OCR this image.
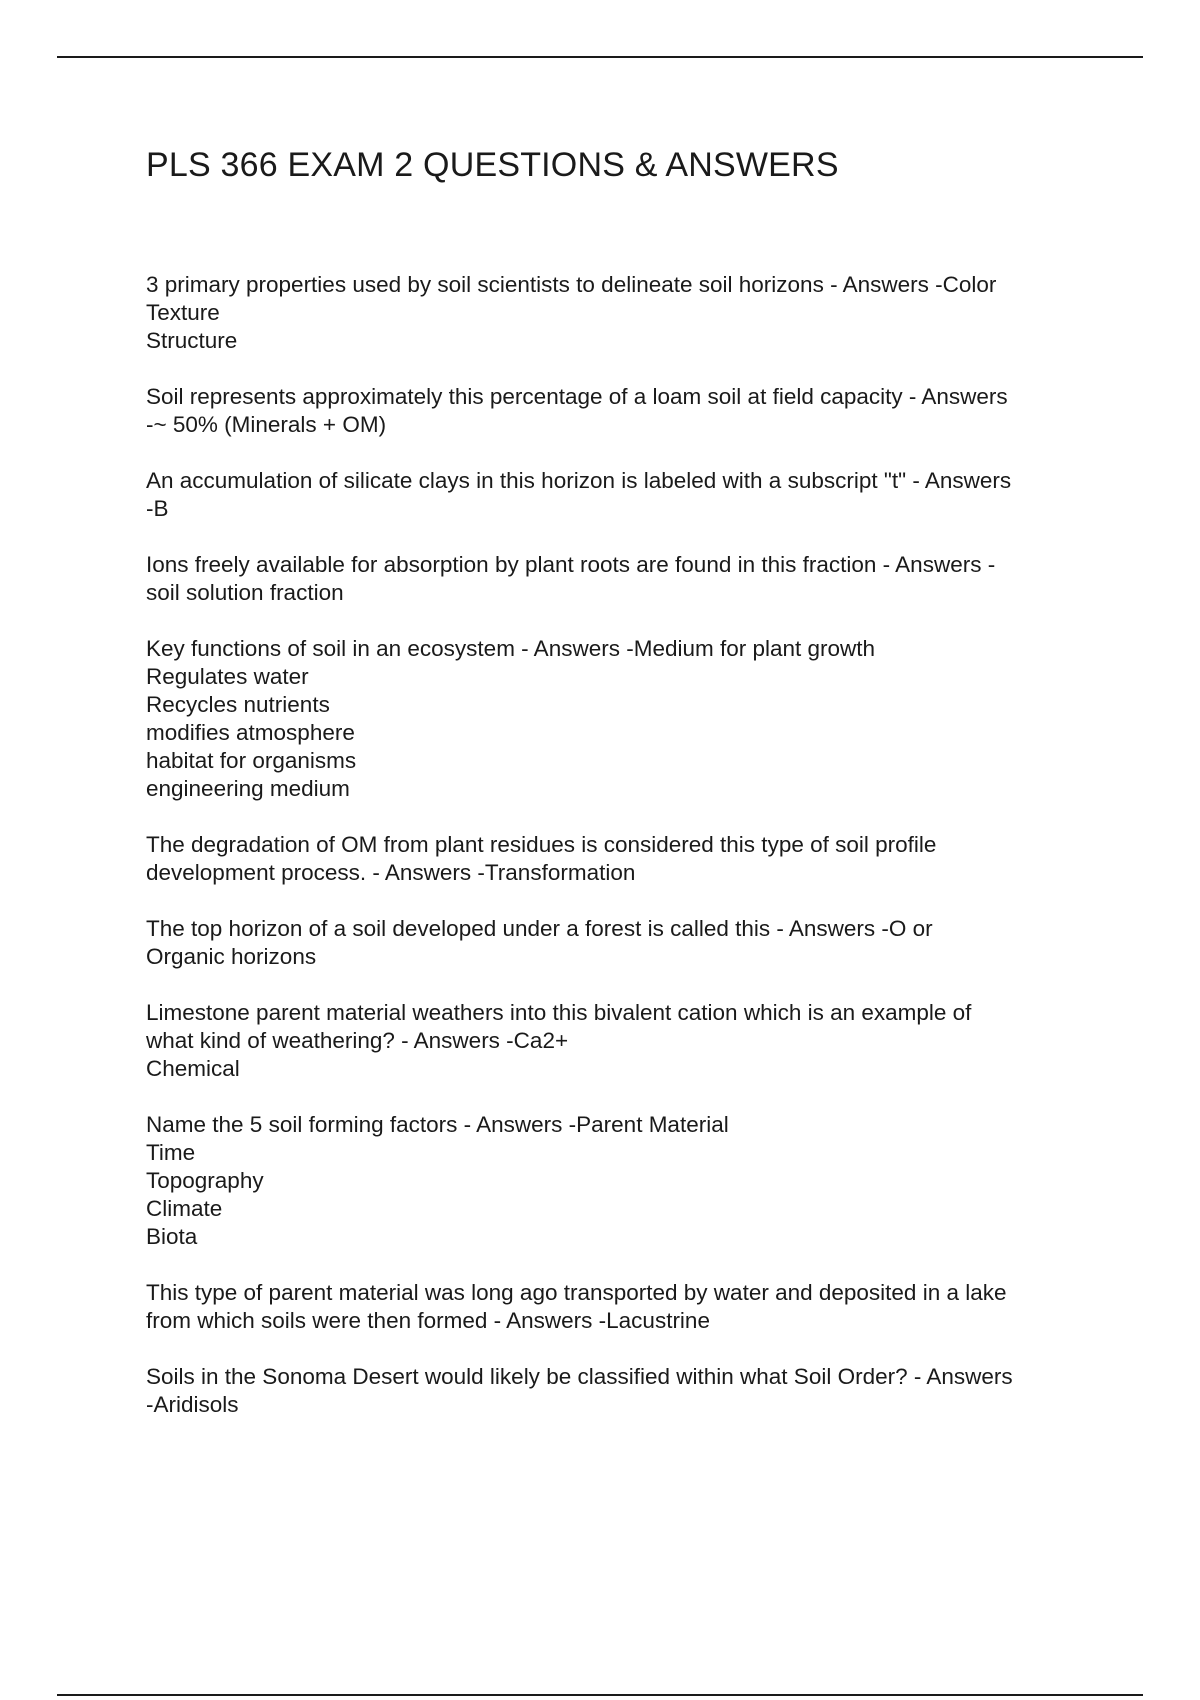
PLS 366 EXAM 2 QUESTIONS & ANSWERS

3 primary properties used by soil scientists to delineate soil horizons - Answers -Color
Texture
Structure

Soil represents approximately this percentage of a loam soil at field capacity - Answers
-~ 50% (Minerals + OM)

An accumulation of silicate clays in this horizon is labeled with a subscript "t" - Answers
-B

Ions freely available for absorption by plant roots are found in this fraction - Answers -
soil solution fraction

Key functions of soil in an ecosystem - Answers -Medium for plant growth
Regulates water
Recycles nutrients
modifies atmosphere
habitat for organisms
engineering medium

The degradation of OM from plant residues is considered this type of soil profile
development process. - Answers -Transformation

The top horizon of a soil developed under a forest is called this - Answers -O or
Organic horizons

Limestone parent material weathers into this bivalent cation which is an example of
what kind of weathering? - Answers -Ca2+
Chemical

Name the 5 soil forming factors - Answers -Parent Material
Time
Topography
Climate
Biota

This type of parent material was long ago transported by water and deposited in a lake
from which soils were then formed - Answers -Lacustrine

Soils in the Sonoma Desert would likely be classified within what Soil Order? - Answers
-Aridisols
